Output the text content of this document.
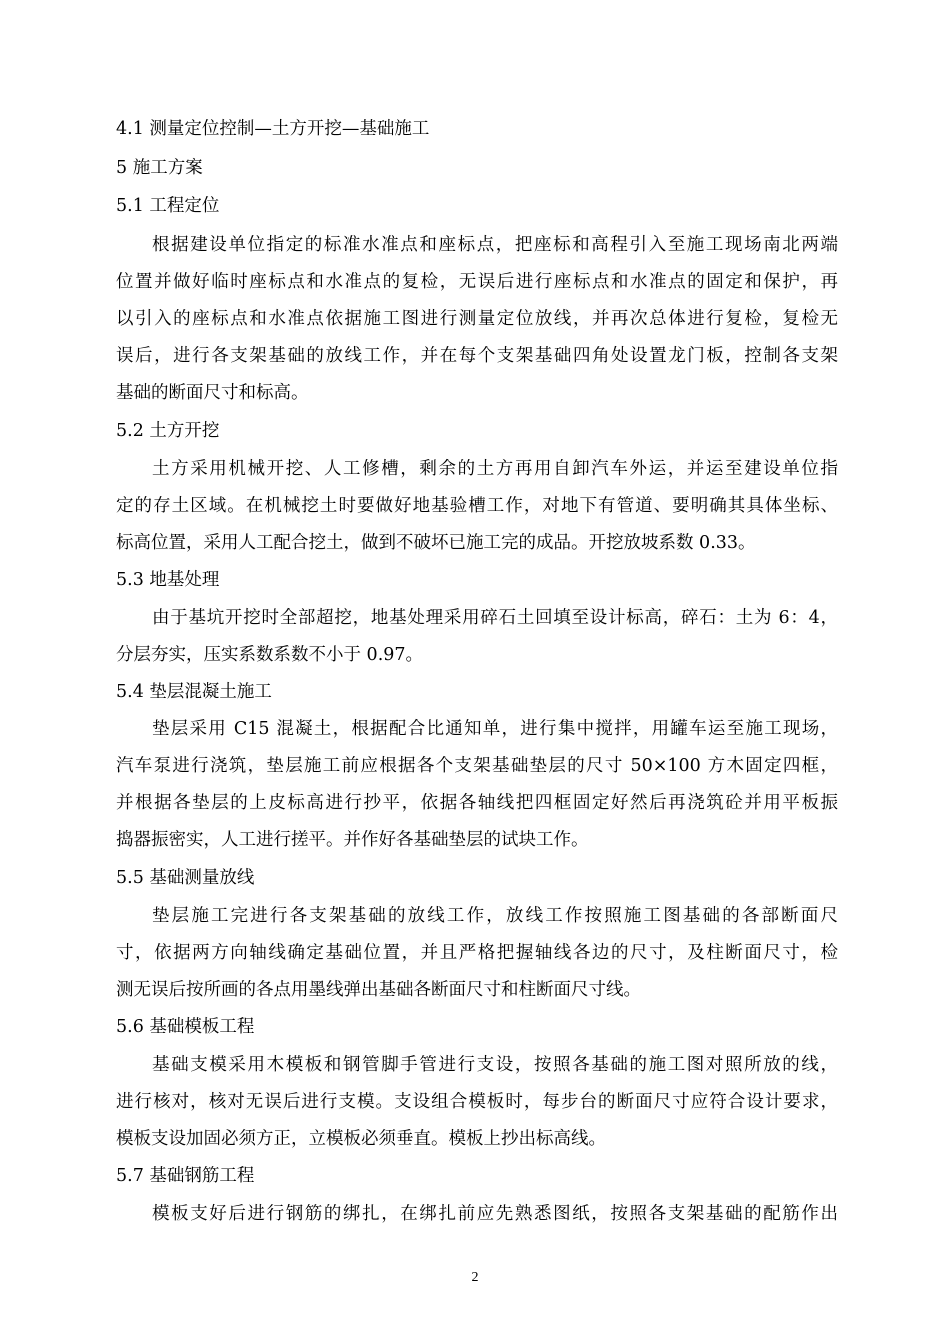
4.1 测量定位控制—土方开挖—基础施工
5 施工方案
5.1 工程定位
根据建设单位指定的标准水准点和座标点，把座标和高程引入至施工现场南北两端
位置并做好临时座标点和水准点的复检，无误后进行座标点和水准点的固定和保护，再
以引入的座标点和水准点依据施工图进行测量定位放线，并再次总体进行复检，复检无
误后，进行各支架基础的放线工作，并在每个支架基础四角处设置龙门板，控制各支架
基础的断面尺寸和标高。
5.2 土方开挖
土方采用机械开挖、人工修槽，剩余的土方再用自卸汽车外运，并运至建设单位指
定的存土区域。在机械挖土时要做好地基验槽工作，对地下有管道、要明确其具体坐标、
标高位置，采用人工配合挖土，做到不破坏已施工完的成品。开挖放坡系数 0.33。
5.3 地基处理
由于基坑开挖时全部超挖，地基处理采用碎石土回填至设计标高，碎石：土为 6：4，
分层夯实，压实系数系数不小于 0.97。
5.4 垫层混凝土施工
垫层采用 C15 混凝土，根据配合比通知单，进行集中搅拌，用罐车运至施工现场，
汽车泵进行浇筑，垫层施工前应根据各个支架基础垫层的尺寸 50×100 方木固定四框，
并根据各垫层的上皮标高进行抄平，依据各轴线把四框固定好然后再浇筑砼并用平板振
捣器振密实，人工进行搓平。并作好各基础垫层的试块工作。
5.5 基础测量放线
垫层施工完进行各支架基础的放线工作，放线工作按照施工图基础的各部断面尺
寸，依据两方向轴线确定基础位置，并且严格把握轴线各边的尺寸，及柱断面尺寸，检
测无误后按所画的各点用墨线弹出基础各断面尺寸和柱断面尺寸线。
5.6 基础模板工程
基础支模采用木模板和钢管脚手管进行支设，按照各基础的施工图对照所放的线，
进行核对，核对无误后进行支模。支设组合模板时，每步台的断面尺寸应符合设计要求，
模板支设加固必须方正，立模板必须垂直。模板上抄出标高线。
5.7 基础钢筋工程
模板支好后进行钢筋的绑扎，在绑扎前应先熟悉图纸，按照各支架基础的配筋作出
2
